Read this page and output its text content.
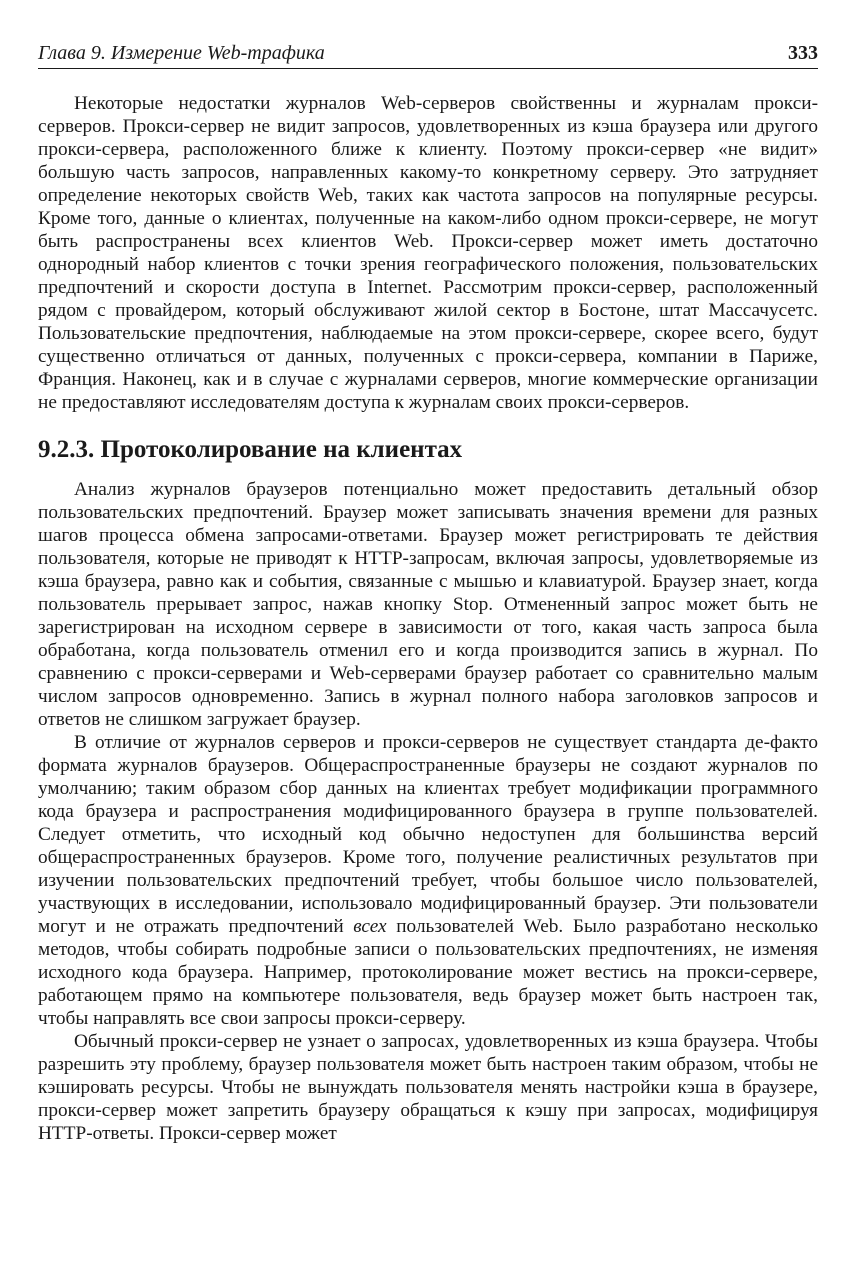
Глава 9. Измерение Web-трафика	333

Некоторые недостатки журналов Web-серверов свойственны и журналам прокси-серверов. Прокси-сервер не видит запросов, удовлетворенных из кэша браузера или другого прокси-сервера, расположенного ближе к клиенту. Поэтому прокси-сервер «не видит» большую часть запросов, направленных какому-то конкретному серверу. Это затрудняет определение некоторых свойств Web, таких как частота запросов на популярные ресурсы. Кроме того, данные о клиентах, полученные на каком-либо одном прокси-сервере, не могут быть распространены всех клиентов Web. Прокси-сервер может иметь достаточно однородный набор клиентов с точки зрения географического положения, пользовательских предпочтений и скорости доступа в Internet. Рассмотрим прокси-сервер, расположенный рядом с провайдером, который обслуживают жилой сектор в Бостоне, штат Массачусетс. Пользовательские предпочтения, наблюдаемые на этом прокси-сервере, скорее всего, будут существенно отличаться от данных, полученных с прокси-сервера, компании в Париже, Франция. Наконец, как и в случае с журналами серверов, многие коммерческие организации не предоставляют исследователям доступа к журналам своих прокси-серверов.

9.2.3. Протоколирование на клиентах

Анализ журналов браузеров потенциально может предоставить детальный обзор пользовательских предпочтений. Браузер может записывать значения времени для разных шагов процесса обмена запросами-ответами. Браузер может регистрировать те действия пользователя, которые не приводят к HTTP-запросам, включая запросы, удовлетворяемые из кэша браузера, равно как и события, связанные с мышью и клавиатурой. Браузер знает, когда пользователь прерывает запрос, нажав кнопку Stop. Отмененный запрос может быть не зарегистрирован на исходном сервере в зависимости от того, какая часть запроса была обработана, когда пользователь отменил его и когда производится запись в журнал. По сравнению с прокси-серверами и Web-серверами браузер работает со сравнительно малым числом запросов одновременно. Запись в журнал полного набора заголовков запросов и ответов не слишком загружает браузер.

В отличие от журналов серверов и прокси-серверов не существует стандарта де-факто формата журналов браузеров. Общераспространенные браузеры не создают журналов по умолчанию; таким образом сбор данных на клиентах требует модификации программного кода браузера и распространения модифицированного браузера в группе пользователей. Следует отметить, что исходный код обычно недоступен для большинства версий общераспространенных браузеров. Кроме того, получение реалистичных результатов при изучении пользовательских предпочтений требует, чтобы большое число пользователей, участвующих в исследовании, использовало модифицированный браузер. Эти пользователи могут и не отражать предпочтений всех пользователей Web. Было разработано несколько методов, чтобы собирать подробные записи о пользовательских предпочтениях, не изменяя исходного кода браузера. Например, протоколирование может вестись на прокси-сервере, работающем прямо на компьютере пользователя, ведь браузер может быть настроен так, чтобы направлять все свои запросы прокси-серверу.

Обычный прокси-сервер не узнает о запросах, удовлетворенных из кэша браузера. Чтобы разрешить эту проблему, браузер пользователя может быть настроен таким образом, чтобы не кэшировать ресурсы. Чтобы не вынуждать пользователя менять настройки кэша в браузере, прокси-сервер может запретить браузеру обращаться к кэшу при запросах, модифицируя HTTP-ответы. Прокси-сервер может
